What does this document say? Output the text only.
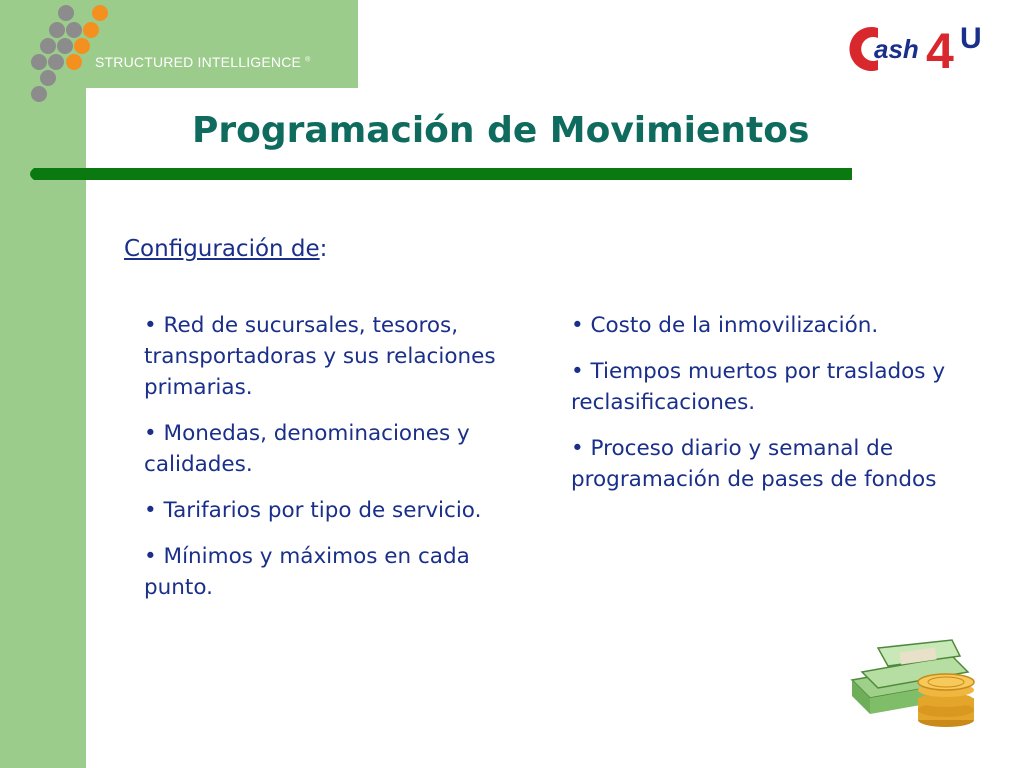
STRUCTURED INTELLIGENCE ®	ash 4 U
Programación de Movimientos
Configuración de:

• Red de sucursales, tesoros, transportadoras y sus relaciones primarias.

• Monedas, denominaciones y calidades.

• Tarifarios por tipo de servicio.

• Mínimos y máximos en cada punto.

• Costo de la inmovilización.

• Tiempos muertos por traslados y reclasificaciones.

• Proceso diario y semanal de programación de pases de fondos
